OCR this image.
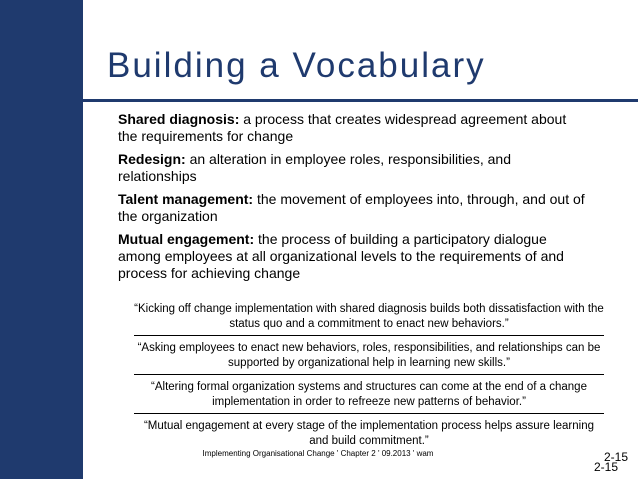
Building a Vocabulary

Shared diagnosis: a process that creates widespread agreement about the requirements for change

Redesign: an alteration in employee roles, responsibilities, and relationships

Talent management: the movement of employees into, through, and out of the organization

Mutual engagement: the process of building a participatory dialogue among employees at all organizational levels to the requirements of and process for achieving change

“Kicking off change implementation with shared diagnosis builds both dissatisfaction with the status quo and a commitment to enact new behaviors.”

“Asking employees to enact new behaviors, roles, responsibilities, and relationships can be supported by organizational help in learning new skills.”

“Altering formal organization systems and structures can come at the end of a change implementation in order to refreeze new patterns of behavior.”

“Mutual engagement at every stage of the implementation process helps assure learning and build commitment.”

Implementing Organisational Change ' Chapter 2 ' 09.2013 ' wam	2-15
2-15
